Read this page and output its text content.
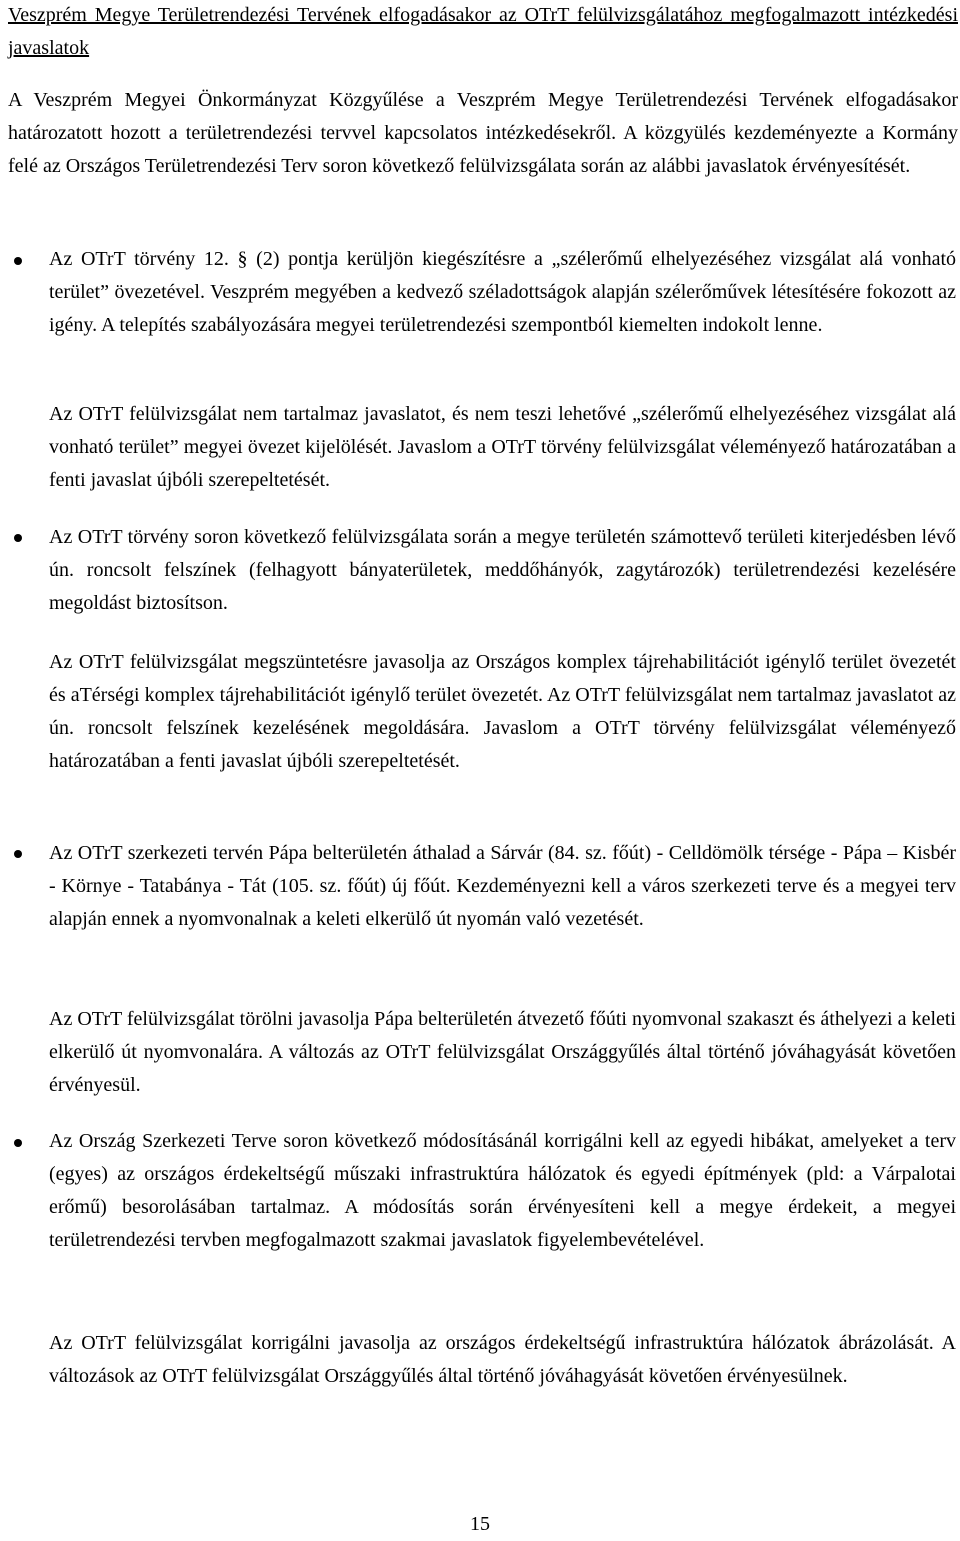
Veszprém Megye Területrendezési Tervének elfogadásakor az OTrT felülvizsgálatához megfogalmazott intézkedési javaslatok

A Veszprém Megyei Önkormányzat Közgyűlése a Veszprém Megye Területrendezési Tervének elfogadásakor határozatott hozott a területrendezési tervvel kapcsolatos intézkedésekről. A közgyülés kezdeményezte a Kormány felé az Országos Területrendezési Terv soron következő felülvizsgálata során az alábbi javaslatok érvényesítését.

Az OTrT törvény 12. § (2) pontja kerüljön kiegészítésre a „szélerőmű elhelyezéséhez vizsgálat alá vonható terület” övezetével. Veszprém megyében a kedvező széladottságok alapján szélerőművek létesítésére fokozott az igény. A telepítés szabályozására megyei területrendezési szempontból kiemelten indokolt lenne.

Az OTrT felülvizsgálat nem tartalmaz javaslatot, és nem teszi lehetővé „szélerőmű elhelyezéséhez vizsgálat alá vonható terület” megyei övezet kijelölését. Javaslom a OTrT törvény felülvizsgálat véleményező határozatában a fenti javaslat újbóli szerepeltetését.

Az OTrT törvény soron következő felülvizsgálata során a megye területén számottevő területi kiterjedésben lévő ún. roncsolt felszínek (felhagyott bányaterületek, meddőhányók, zagytározók) területrendezési kezelésére megoldást biztosítson.

Az OTrT felülvizsgálat megszüntetésre javasolja az Országos komplex tájrehabilitációt igénylő terület övezetét és aTérségi komplex tájrehabilitációt igénylő terület övezetét. Az OTrT felülvizsgálat nem tartalmaz javaslatot az ún. roncsolt felszínek kezelésének megoldására. Javaslom a OTrT törvény felülvizsgálat véleményező határozatában a fenti javaslat újbóli szerepeltetését.

Az OTrT szerkezeti tervén Pápa belterületén áthalad a Sárvár (84. sz. főút) - Celldömölk térsége - Pápa – Kisbér - Környe - Tatabánya - Tát (105. sz. főút) új főút. Kezdeményezni kell a város szerkezeti terve és a megyei terv alapján ennek a nyomvonalnak a keleti elkerülő út nyomán való vezetését.

Az OTrT felülvizsgálat törölni javasolja Pápa belterületén átvezető főúti nyomvonal szakaszt és áthelyezi a keleti elkerülő út nyomvonalára. A változás az OTrT felülvizsgálat Országgyűlés által történő jóváhagyását követően érvényesül.

Az Ország Szerkezeti Terve soron következő módosításánál korrigálni kell az egyedi hibákat, amelyeket a terv (egyes) az országos érdekeltségű műszaki infrastruktúra hálózatok és egyedi építmények (pld: a Várpalotai erőmű) besorolásában tartalmaz. A módosítás során érvényesíteni kell a megye érdekeit, a megyei területrendezési tervben megfogalmazott szakmai javaslatok figyelembevételével.

Az OTrT felülvizsgálat korrigálni javasolja az országos érdekeltségű infrastruktúra hálózatok ábrázolását. A változások az OTrT felülvizsgálat Országgyűlés által történő jóváhagyását követően érvényesülnek.

15
